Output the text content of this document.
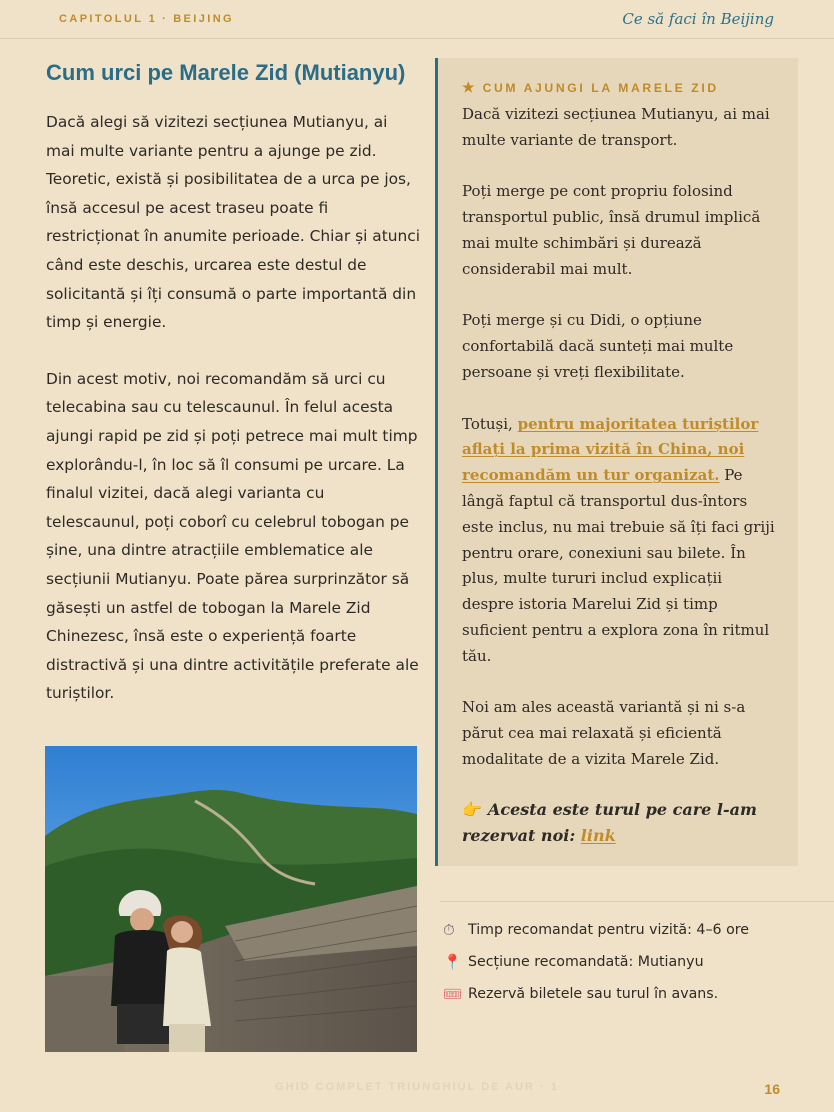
CAPITOLUL 1 · BEIJING	Ce să faci în Beijing
Cum urci pe Marele Zid (Mutianyu)

Dacă alegi să vizitezi secțiunea Mutianyu, ai mai multe variante pentru a ajunge pe zid. Teoretic, există și posibilitatea de a urca pe jos, însă accesul pe acest traseu poate fi restricționat în anumite perioade. Chiar și atunci când este deschis, urcarea este destul de solicitantă și îți consumă o parte importantă din timp și energie.

Din acest motiv, noi recomandăm să urci cu telecabina sau cu telescaunul. În felul acesta ajungi rapid pe zid și poți petrece mai mult timp explorându-l, în loc să îl consumi pe urcare. La finalul vizitei, dacă alegi varianta cu telescaunul, poți coborî cu celebrul tobogan pe șine, una dintre atracțiile emblematice ale secțiunii Mutianyu. Poate părea surprinzător să găsești un astfel de tobogan la Marele Zid Chinezesc, însă este o experiență foarte distractivă și una dintre activitățile preferate ale turiștilor.

★ CUM AJUNGI LA MARELE ZID

Dacă vizitezi secțiunea Mutianyu, ai mai multe variante de transport.

Poți merge pe cont propriu folosind transportul public, însă drumul implică mai multe schimbări și durează considerabil mai mult.

Poți merge și cu Didi, o opțiune confortabilă dacă sunteți mai multe persoane și vreți flexibilitate.

Totuși, pentru majoritatea turiștilor aflați la prima vizită în China, noi recomandăm un tur organizat. Pe lângă faptul că transportul dus-întors este inclus, nu mai trebuie să îți faci griji pentru orare, conexiuni sau bilete. În plus, multe tururi includ explicații despre istoria Marelui Zid și timp suficient pentru a explora zona în ritmul tău.

Noi am ales această variantă și ni s-a părut cea mai relaxată și eficientă modalitate de a vizita Marele Zid.

👉 Acesta este turul pe care l-am rezervat noi: link

⏱ Timp recomandat pentru vizită: 4–6 ore
📍 Secțiune recomandată: Mutianyu
🎟 Rezervă biletele sau turul în avans.
GHID COMPLET TRIUNGHIUL DE AUR · 1	16
